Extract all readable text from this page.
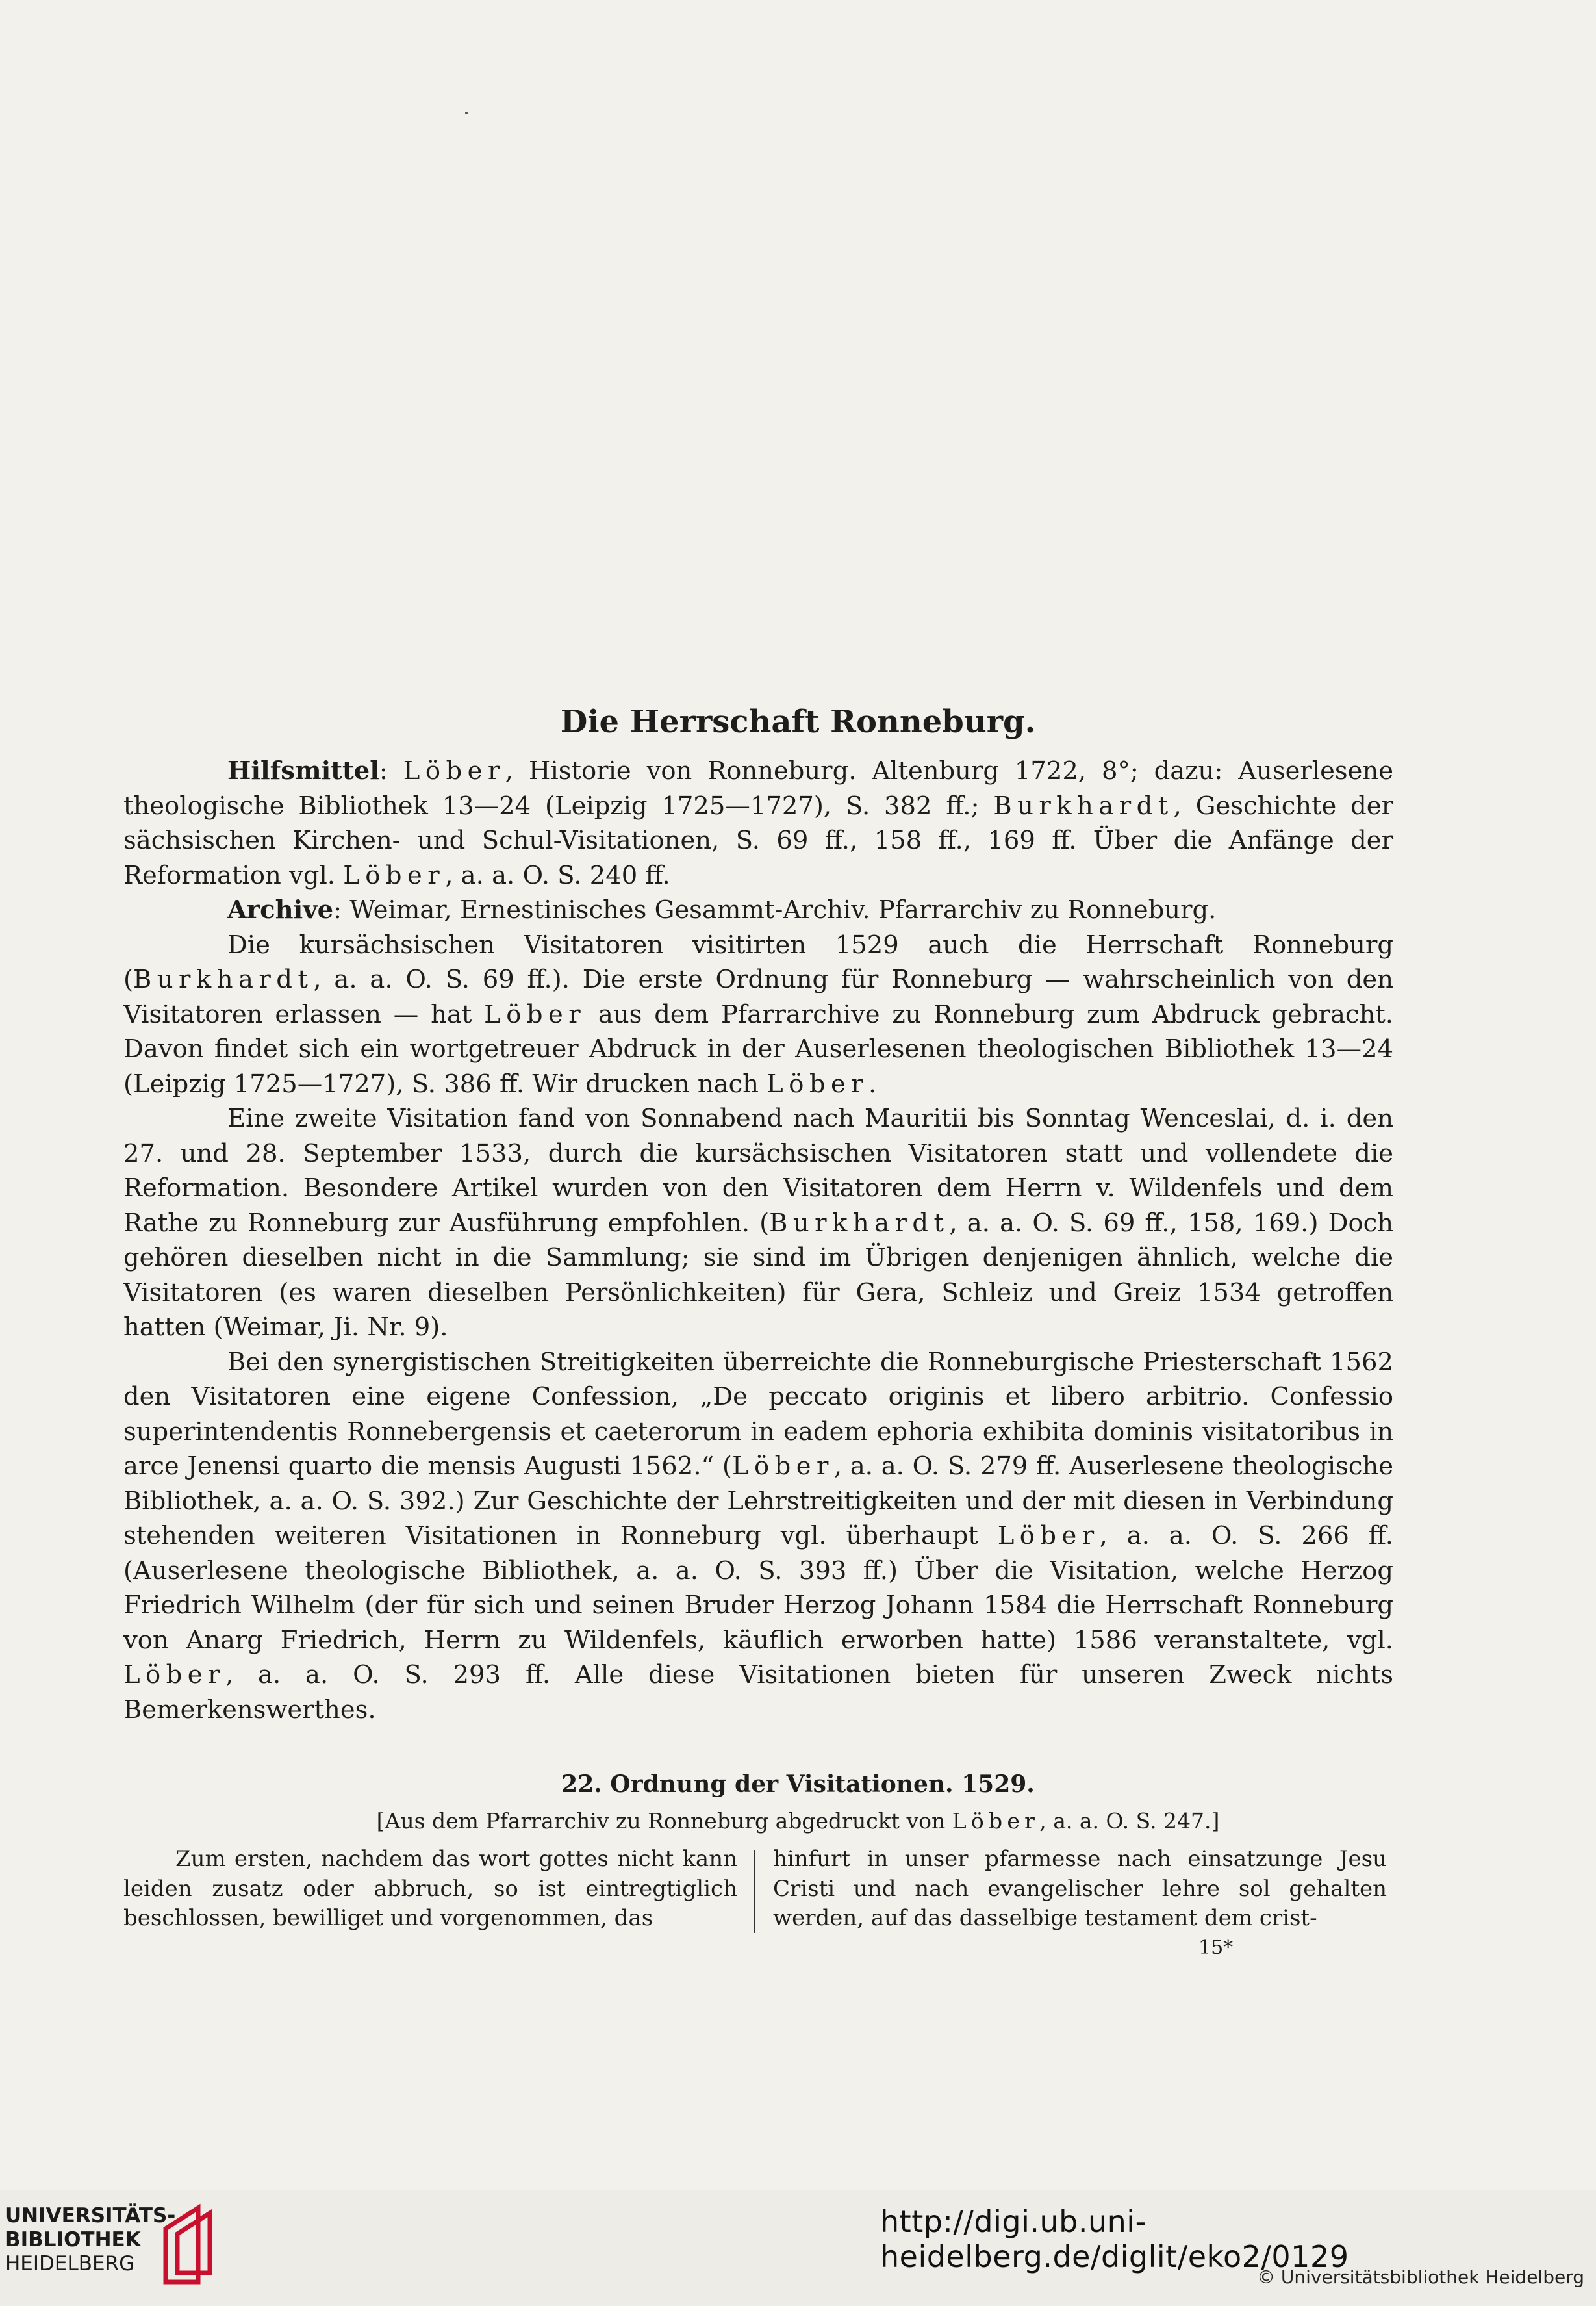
Die Herrschaft Ronneburg.

Hilfsmittel: Löber, Historie von Ronneburg. Altenburg 1722, 8°; dazu: Auserlesene theologische Bibliothek 13—24 (Leipzig 1725—1727), S. 382 ff.; Burkhardt, Geschichte der sächsischen Kirchen- und Schul-Visitationen, S. 69 ff., 158 ff., 169 ff. Über die Anfänge der Reformation vgl. Löber, a. a. O. S. 240 ff.

Archive: Weimar, Ernestinisches Gesammt-Archiv. Pfarrarchiv zu Ronneburg.

Die kursächsischen Visitatoren visitirten 1529 auch die Herrschaft Ronneburg (Burkhardt, a. a. O. S. 69 ff.). Die erste Ordnung für Ronneburg — wahrscheinlich von den Visitatoren erlassen — hat Löber aus dem Pfarrarchive zu Ronneburg zum Abdruck gebracht. Davon findet sich ein wortgetreuer Abdruck in der Auserlesenen theologischen Bibliothek 13—24 (Leipzig 1725—1727), S. 386 ff. Wir drucken nach Löber.

Eine zweite Visitation fand von Sonnabend nach Mauritii bis Sonntag Wenceslai, d. i. den 27. und 28. September 1533, durch die kursächsischen Visitatoren statt und vollendete die Reformation. Besondere Artikel wurden von den Visitatoren dem Herrn v. Wildenfels und dem Rathe zu Ronneburg zur Ausführung empfohlen. (Burkhardt, a. a. O. S. 69 ff., 158, 169.) Doch gehören dieselben nicht in die Sammlung; sie sind im Übrigen denjenigen ähnlich, welche die Visitatoren (es waren dieselben Persönlichkeiten) für Gera, Schleiz und Greiz 1534 getroffen hatten (Weimar, Ji. Nr. 9).

Bei den synergistischen Streitigkeiten überreichte die Ronneburgische Priesterschaft 1562 den Visitatoren eine eigene Confession, „De peccato originis et libero arbitrio. Confessio superintendentis Ronnebergensis et caeterorum in eadem ephoria exhibita dominis visitatoribus in arce Jenensi quarto die mensis Augusti 1562.“ (Löber, a. a. O. S. 279 ff. Auserlesene theologische Bibliothek, a. a. O. S. 392.) Zur Geschichte der Lehrstreitigkeiten und der mit diesen in Verbindung stehenden weiteren Visitationen in Ronneburg vgl. überhaupt Löber, a. a. O. S. 266 ff. (Auserlesene theologische Bibliothek, a. a. O. S. 393 ff.) Über die Visitation, welche Herzog Friedrich Wilhelm (der für sich und seinen Bruder Herzog Johann 1584 die Herrschaft Ronneburg von Anarg Friedrich, Herrn zu Wildenfels, käuflich erworben hatte) 1586 veranstaltete, vgl. Löber, a. a. O. S. 293 ff. Alle diese Visitationen bieten für unseren Zweck nichts Bemerkenswerthes.

22. Ordnung der Visitationen. 1529.

[Aus dem Pfarrarchiv zu Ronneburg abgedruckt von Löber, a. a. O. S. 247.]

Zum ersten, nachdem das wort gottes nicht kann leiden zusatz oder abbruch, so ist eintregtiglich beschlossen, bewilliget und vorgenommen, das

hinfurt in unser pfarmesse nach einsatzunge Jesu Cristi und nach evangelischer lehre sol gehalten werden, auf das dasselbige testament dem crist-

15*

UNIVERSITÄTS-
BIBLIOTHEK
HEIDELBERG

http://digi.ub.uni-heidelberg.de/diglit/eko2/0129

© Universitätsbibliothek Heidelberg
